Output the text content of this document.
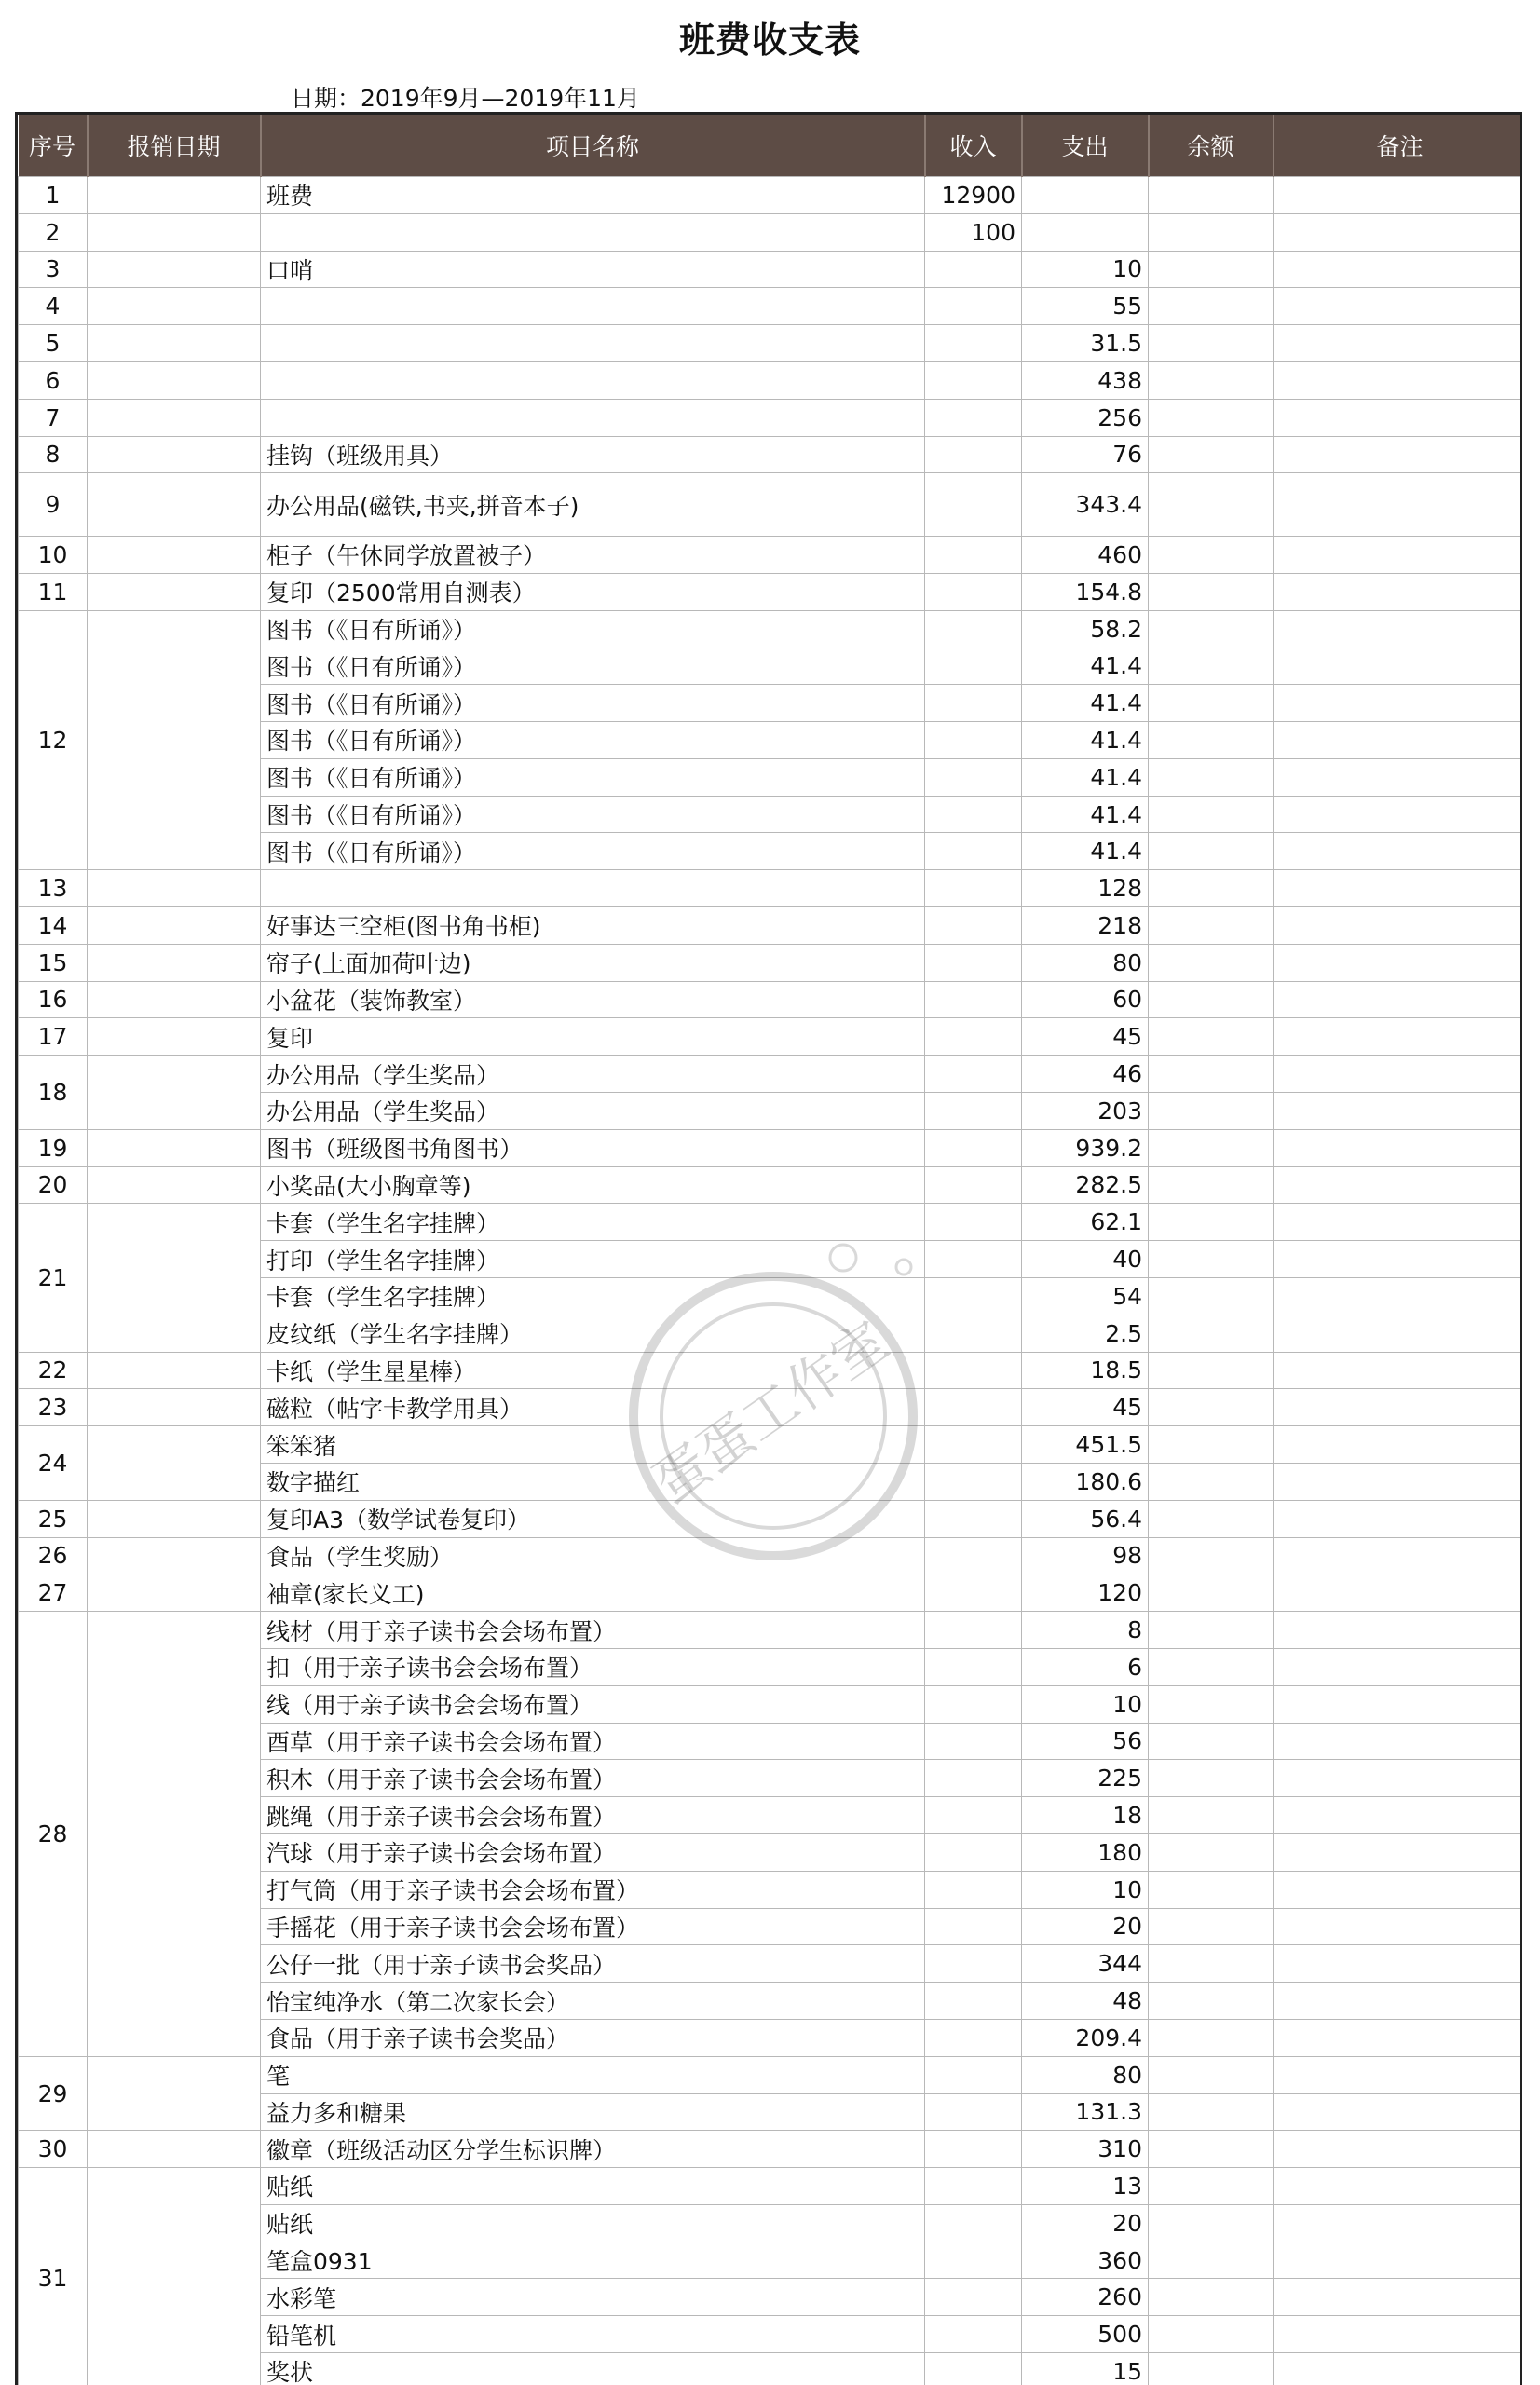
班费收支表
日期：2019年9月—2019年11月
序号	报销日期	项目名称	收入	支出	余额	备注
1		班费	12900			
2			100			
3		口哨		10		
4				55		
5				31.5		
6				438		
7				256		
8		挂钩（班级用具）		76		
9		办公用品(磁铁,书夹,拼音本子)		343.4		
10		柜子（午休同学放置被子）		460		
11		复印（2500常用自测表）		154.8		
12		图书（《日有所诵》）		58.2		
		图书（《日有所诵》）		41.4		
		图书（《日有所诵》）		41.4		
		图书（《日有所诵》）		41.4		
		图书（《日有所诵》）		41.4		
		图书（《日有所诵》）		41.4		
		图书（《日有所诵》）		41.4		
13				128		
14		好事达三空柜(图书角书柜)		218		
15		帘子(上面加荷叶边)		80		
16		小盆花（装饰教室）		60		
17		复印		45		
18		办公用品（学生奖品）		46		
		办公用品（学生奖品）		203		
19		图书（班级图书角图书）		939.2		
20		小奖品(大小胸章等)		282.5		
21		卡套（学生名字挂牌）		62.1		
		打印（学生名字挂牌）		40		
		卡套（学生名字挂牌）		54		
		皮纹纸（学生名字挂牌）		2.5		
22		卡纸（学生星星棒）		18.5		
23		磁粒（帖字卡教学用具）		45		
24		笨笨猪		451.5		
		数字描红		180.6		
25		复印A3（数学试卷复印）		56.4		
26		食品（学生奖励）		98		
27		袖章(家长义工)		120		
28		线材（用于亲子读书会会场布置）		8		
		扣（用于亲子读书会会场布置）		6		
		线（用于亲子读书会会场布置）		10		
		酉草（用于亲子读书会会场布置）		56		
		积木（用于亲子读书会会场布置）		225		
		跳绳（用于亲子读书会会场布置）		18		
		汽球（用于亲子读书会会场布置）		180		
		打气筒（用于亲子读书会会场布置）		10		
		手摇花（用于亲子读书会会场布置）		20		
		公仔一批（用于亲子读书会奖品）		344		
		怡宝纯净水（第二次家长会）		48		
		食品（用于亲子读书会奖品）		209.4		
29		笔		80		
		益力多和糖果		131.3		
30		徽章（班级活动区分学生标识牌）		310		
31		贴纸		13		
		贴纸		20		
		笔盒0931		360		
		水彩笔		260		
		铅笔机		500		
		奖状		15		
蛋蛋工作室
